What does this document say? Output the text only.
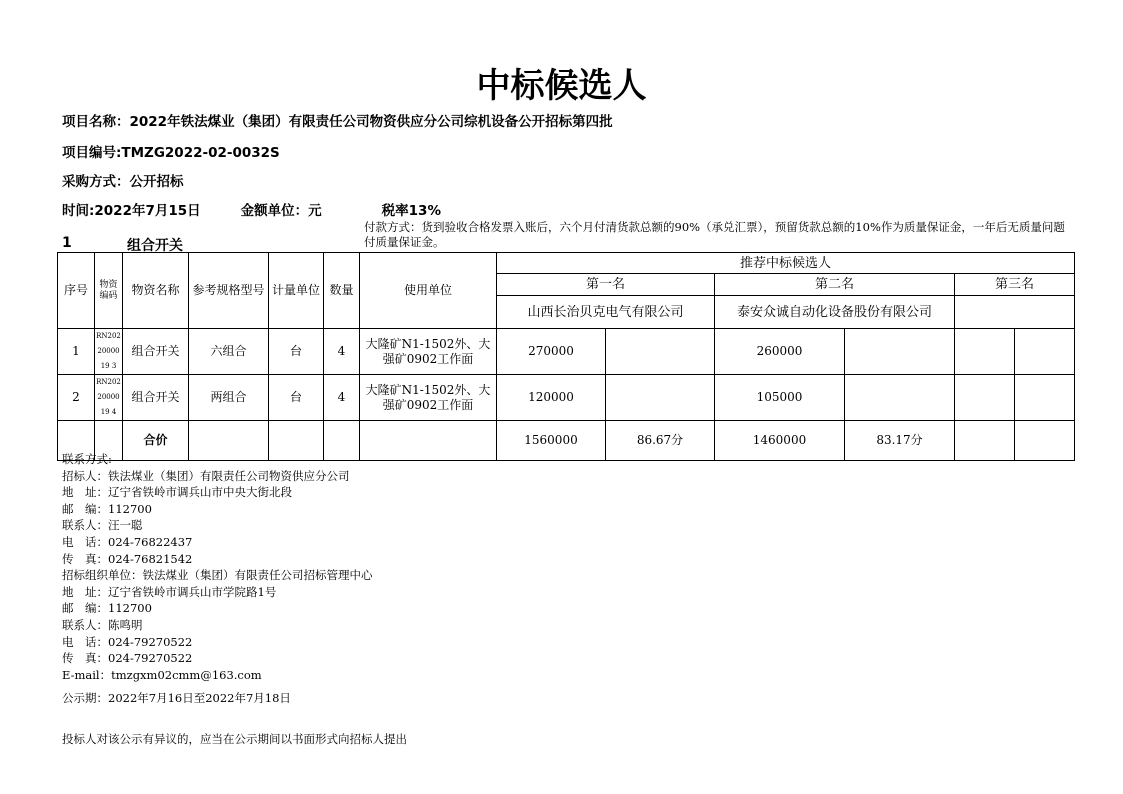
中标候选人
项目名称：2022年铁法煤业（集团）有限责任公司物资供应分公司综机设备公开招标第四批
项目编号:TMZG2022-02-0032S
采购方式：公开招标
时间:2022年7月15日	金额单位：元	税率13%
1	组合开关
付款方式：货到验收合格发票入账后，六个月付清货款总额的90%（承兑汇票），预留货款总额的10%作为质量保证金，一年后无质量问题付质量保证金。
序号	物资编码	物资名称	参考规格型号	计量单位	数量	使用单位	推荐中标候选人					
							第一名		第二名		第三名	
							山西长治贝克电气有限公司		泰安众诚自动化设备股份有限公司			
1	RN2022000019 3	组合开关	六组合	台	4	大隆矿N1-1502外、大强矿0902工作面	270000		260000			
2	RN2022000019 4	组合开关	两组合	台	4	大隆矿N1-1502外、大强矿0902工作面	120000		105000			
		合价					1560000	86.67分	1460000	83.17分		
联系方式:
招标人：铁法煤业（集团）有限责任公司物资供应分公司
地　址：辽宁省铁岭市调兵山市中央大街北段
邮　编：112700
联系人：汪一聪
电　话：024-76822437
传　真：024-76821542
招标组织单位：铁法煤业（集团）有限责任公司招标管理中心
地　址：辽宁省铁岭市调兵山市学院路1号
邮　编：112700
联系人：陈鸣明
电　话：024-79270522
传　真：024-79270522
E-mail：tmzgxm02cmm@163.com
公示期：2022年7月16日至2022年7月18日
投标人对该公示有异议的，应当在公示期间以书面形式向招标人提出
